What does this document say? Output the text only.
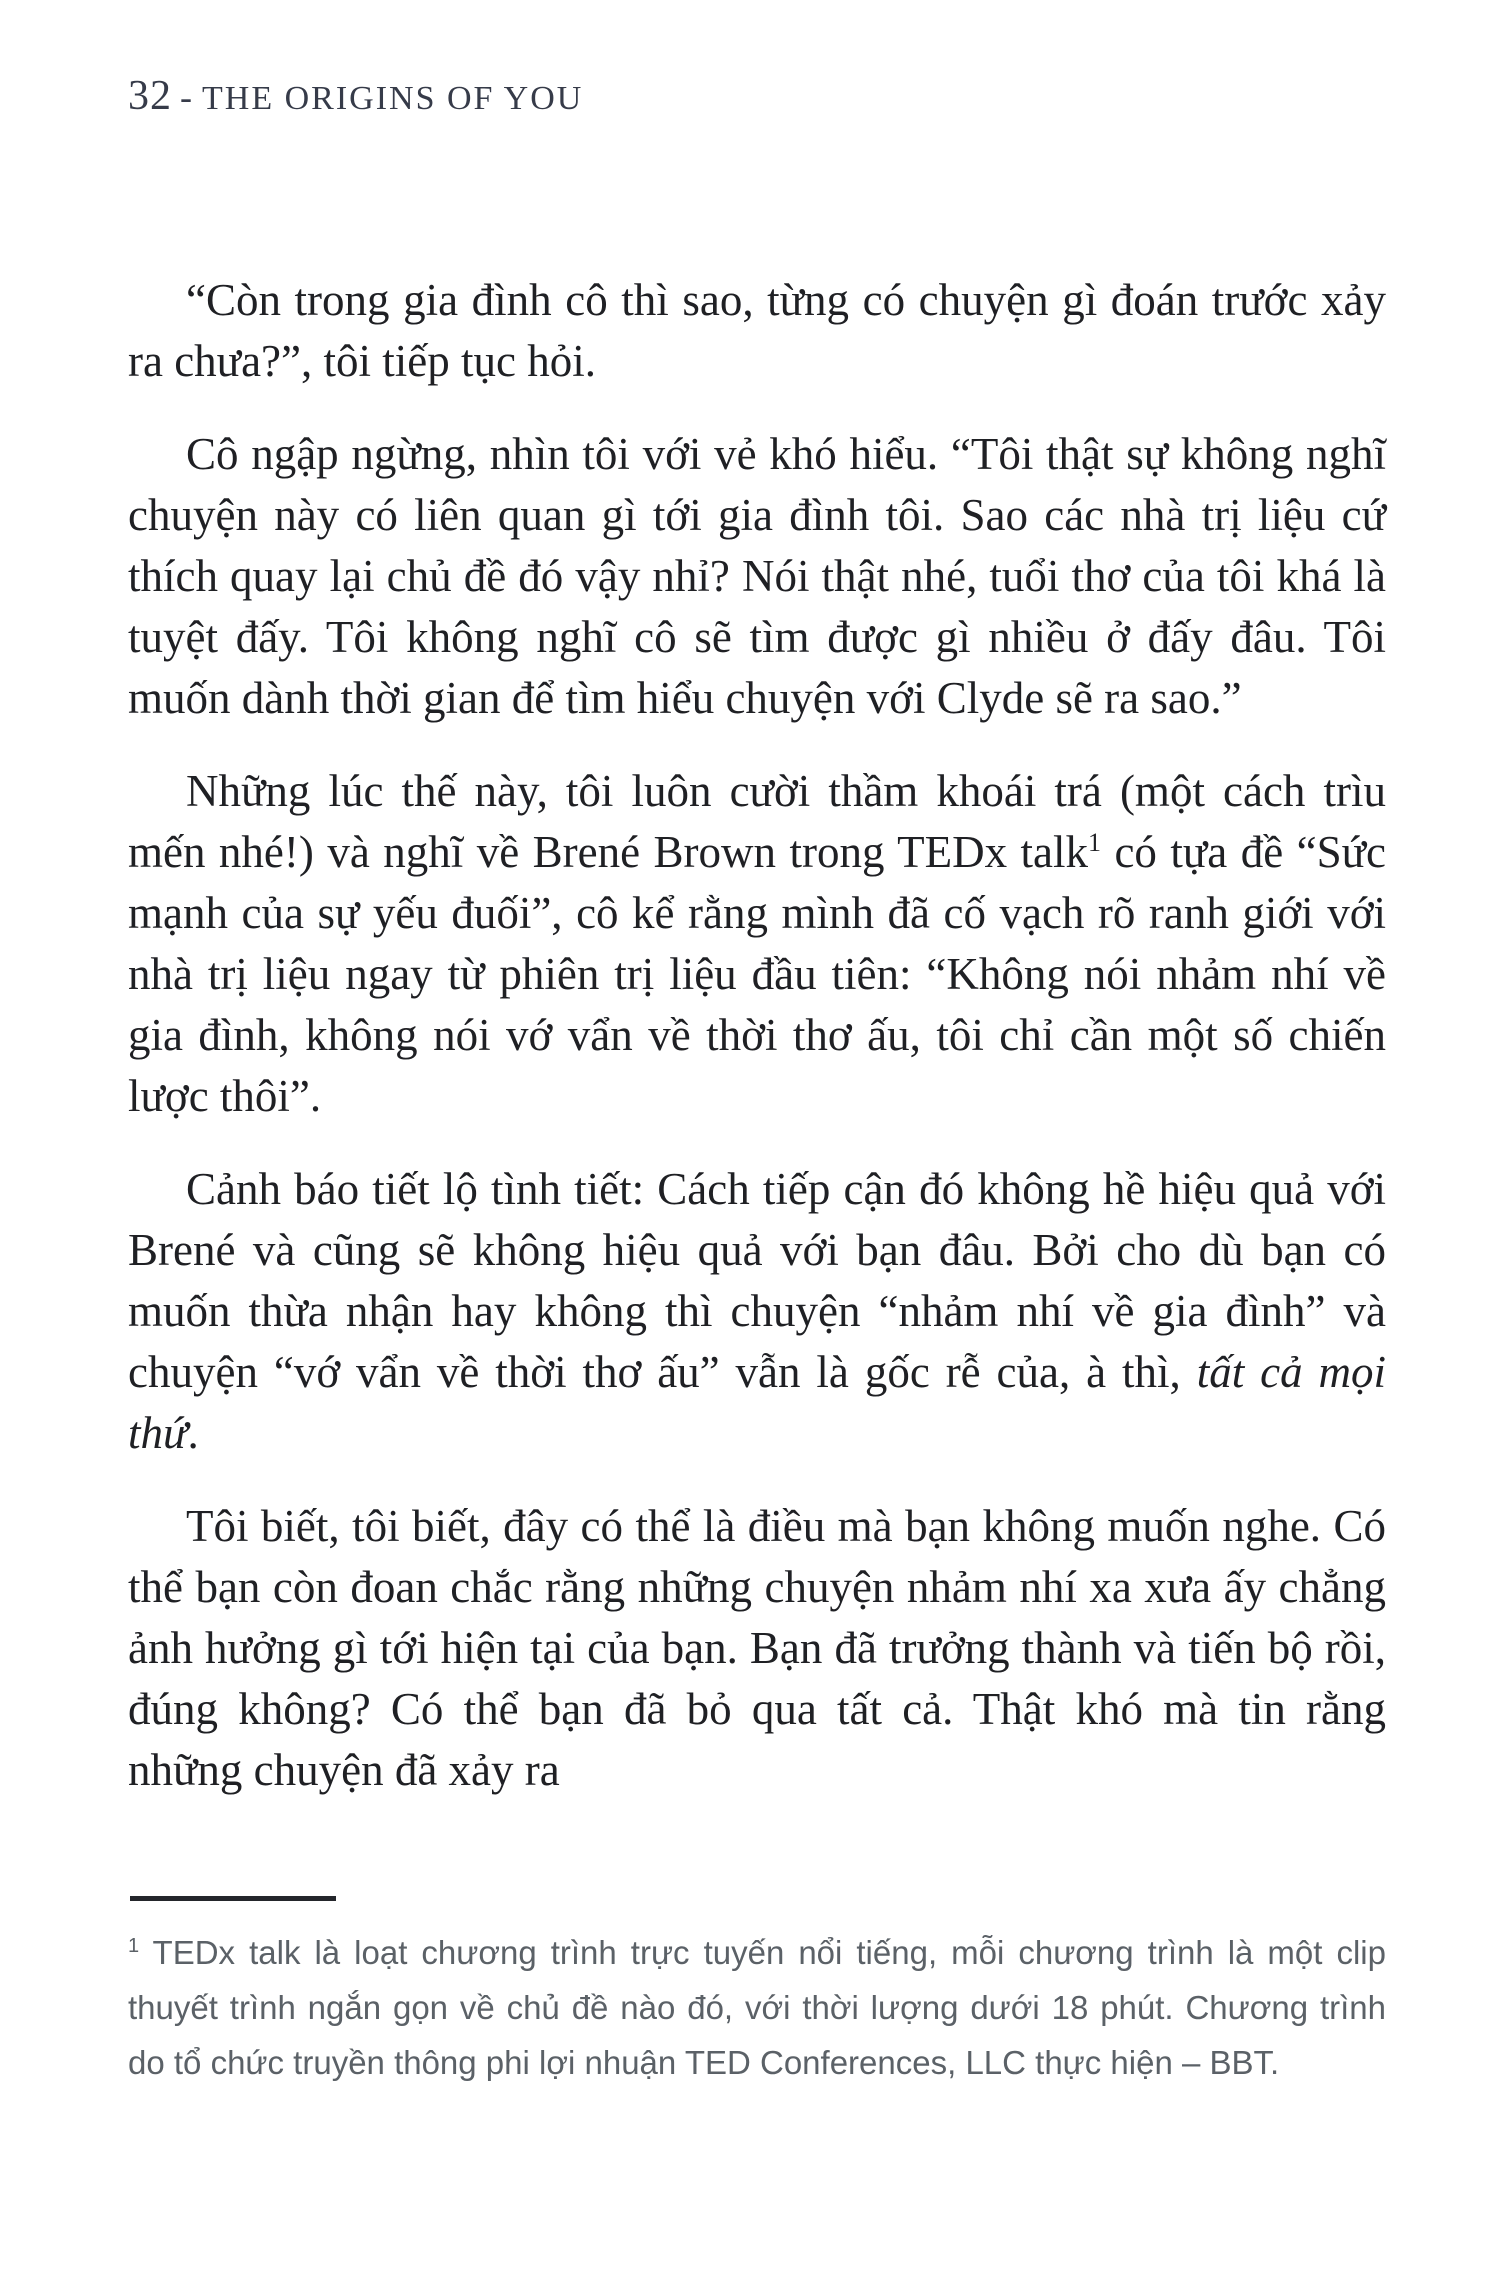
32 - THE ORIGINS OF YOU

“Còn trong gia đình cô thì sao, từng có chuyện gì đoán trước xảy ra chưa?”, tôi tiếp tục hỏi.

Cô ngập ngừng, nhìn tôi với vẻ khó hiểu. “Tôi thật sự không nghĩ chuyện này có liên quan gì tới gia đình tôi. Sao các nhà trị liệu cứ thích quay lại chủ đề đó vậy nhỉ? Nói thật nhé, tuổi thơ của tôi khá là tuyệt đấy. Tôi không nghĩ cô sẽ tìm được gì nhiều ở đấy đâu. Tôi muốn dành thời gian để tìm hiểu chuyện với Clyde sẽ ra sao.”

Những lúc thế này, tôi luôn cười thầm khoái trá (một cách trìu mến nhé!) và nghĩ về Brené Brown trong TEDx talk$^1$ có tựa đề “Sức mạnh của sự yếu đuối”, cô kể rằng mình đã cố vạch rõ ranh giới với nhà trị liệu ngay từ phiên trị liệu đầu tiên: “Không nói nhảm nhí về gia đình, không nói vớ vẩn về thời thơ ấu, tôi chỉ cần một số chiến lược thôi”.

Cảnh báo tiết lộ tình tiết: Cách tiếp cận đó không hề hiệu quả với Brené và cũng sẽ không hiệu quả với bạn đâu. Bởi cho dù bạn có muốn thừa nhận hay không thì chuyện “nhảm nhí về gia đình” và chuyện “vớ vẩn về thời thơ ấu” vẫn là gốc rễ của, à thì, tất cả mọi thứ.

Tôi biết, tôi biết, đây có thể là điều mà bạn không muốn nghe. Có thể bạn còn đoan chắc rằng những chuyện nhảm nhí xa xưa ấy chẳng ảnh hưởng gì tới hiện tại của bạn. Bạn đã trưởng thành và tiến bộ rồi, đúng không? Có thể bạn đã bỏ qua tất cả. Thật khó mà tin rằng những chuyện đã xảy ra

$^1$ TEDx talk là loạt chương trình trực tuyến nổi tiếng, mỗi chương trình là một clip thuyết trình ngắn gọn về chủ đề nào đó, với thời lượng dưới 18 phút. Chương trình do tổ chức truyền thông phi lợi nhuận TED Conferences, LLC thực hiện – BBT.
